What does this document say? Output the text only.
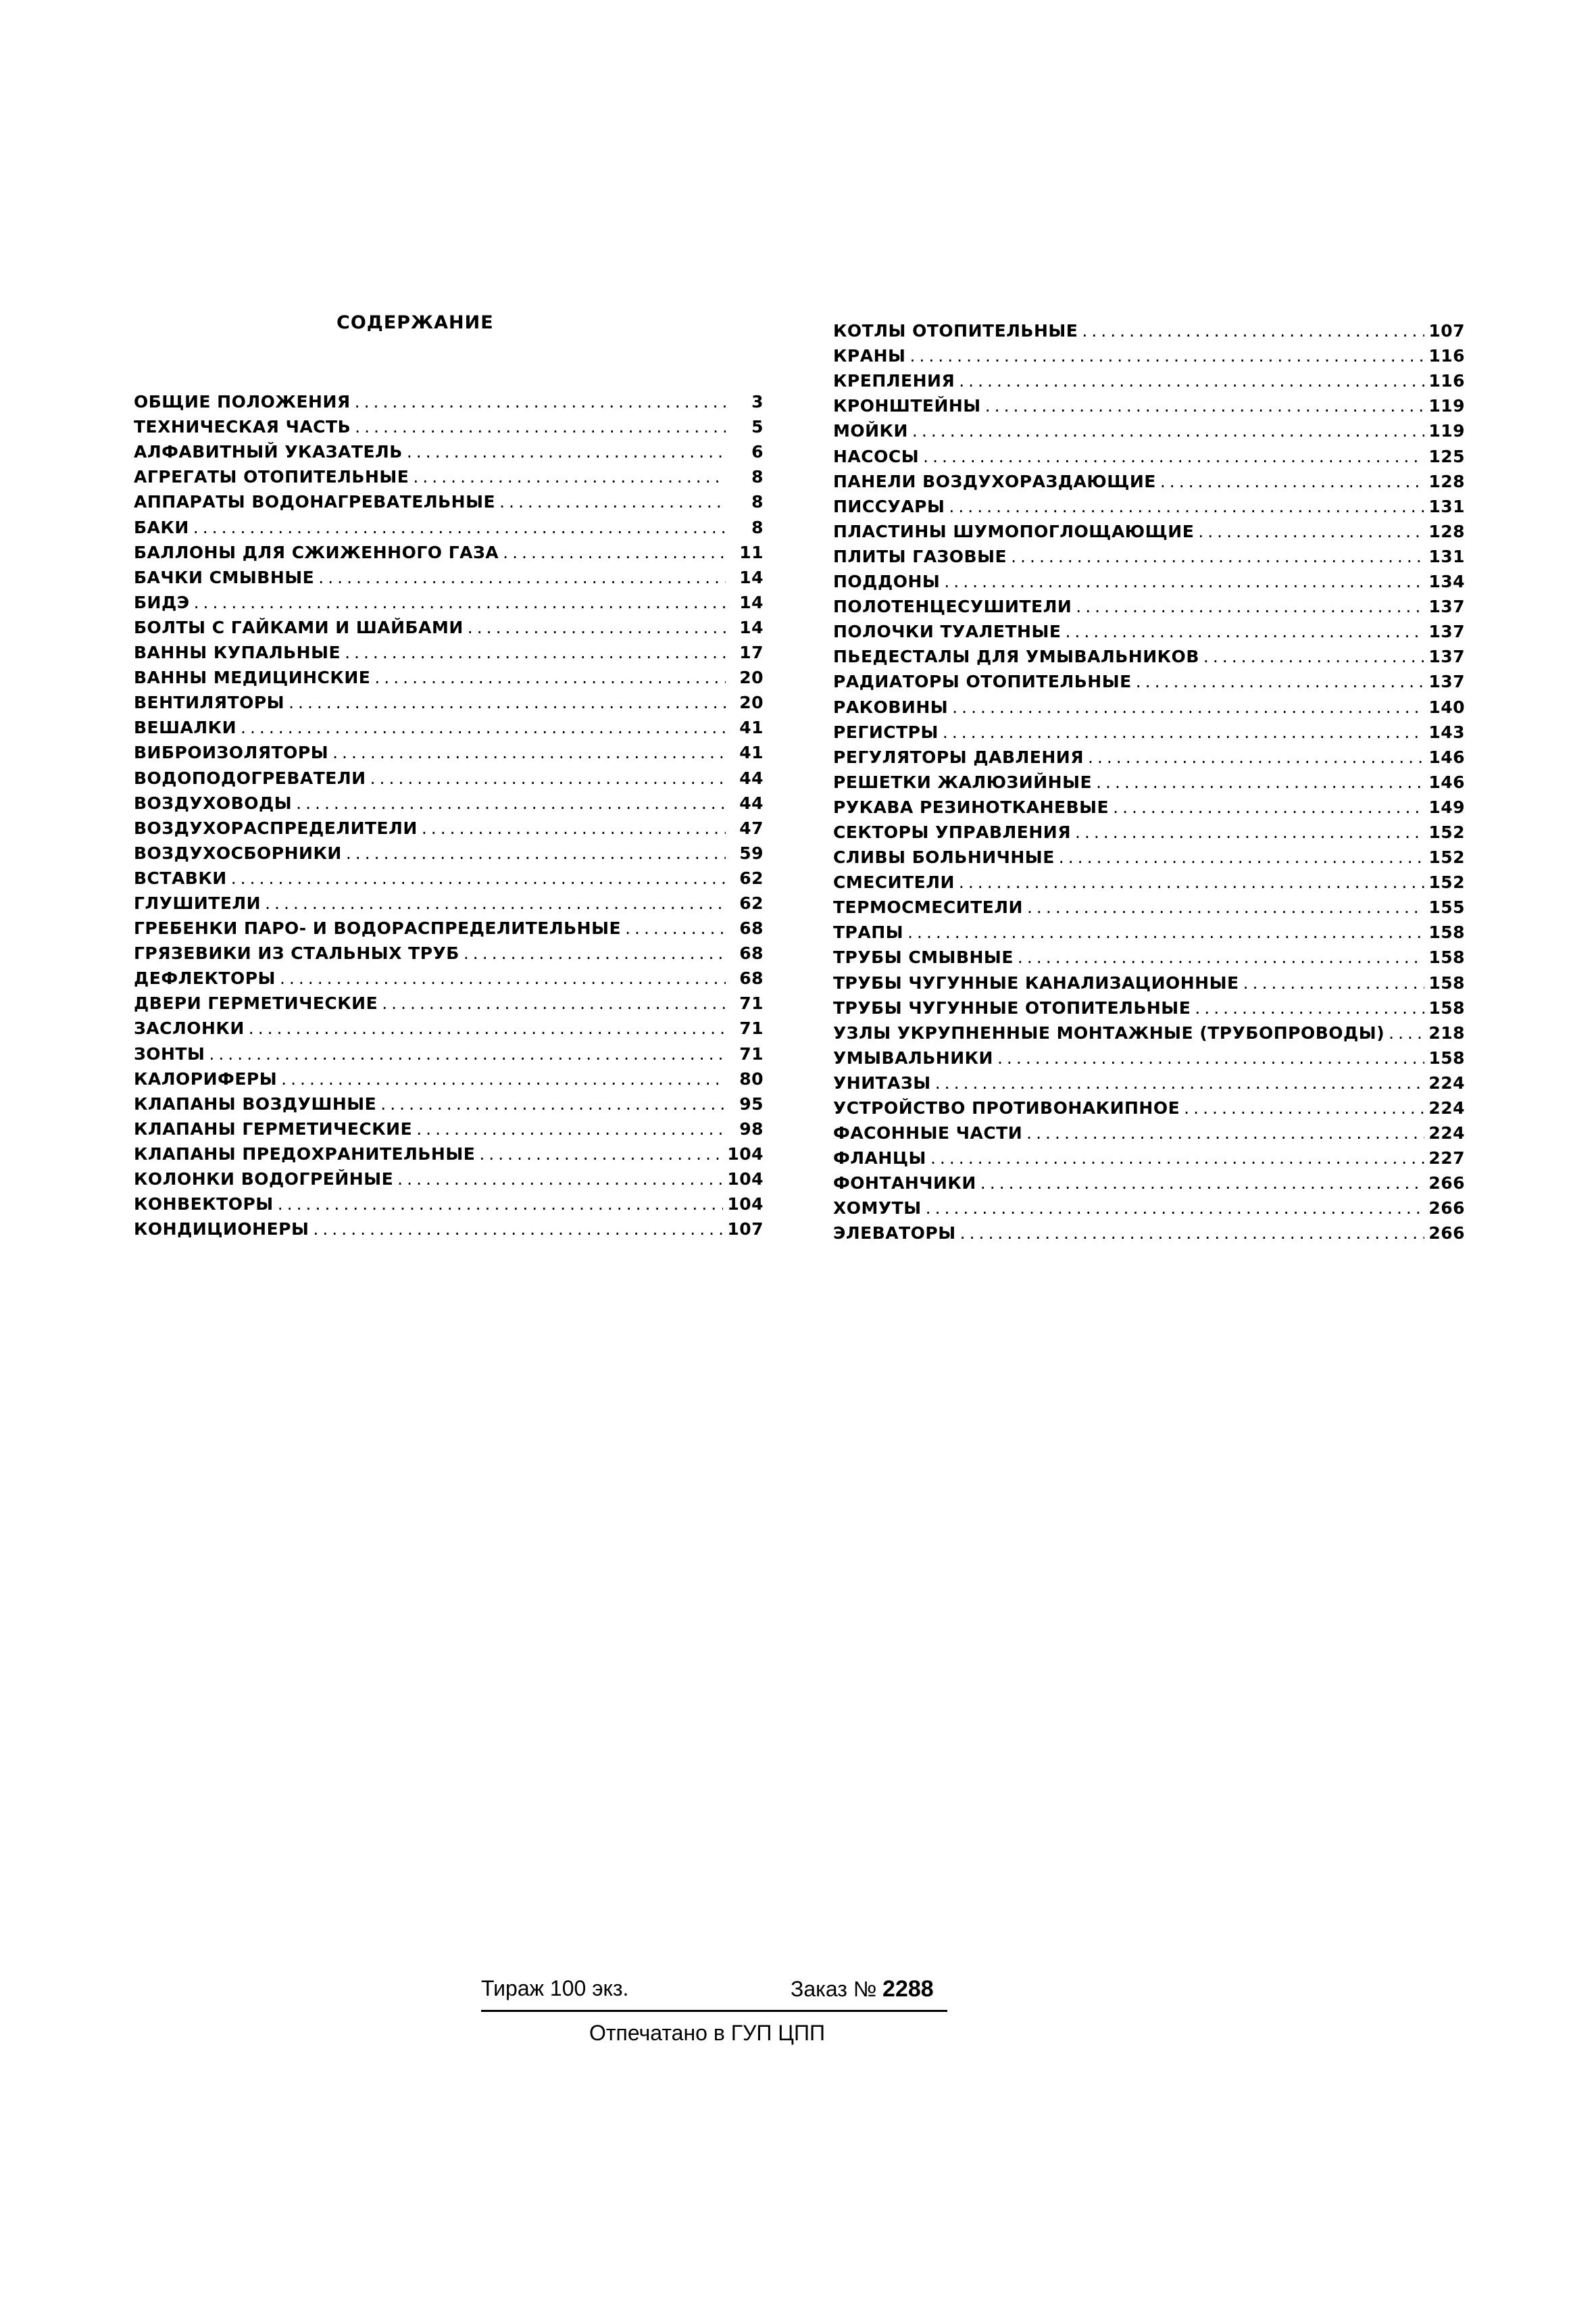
СОДЕРЖАНИЕ
ОБЩИЕ ПОЛОЖЕНИЯ .....	3
ТЕХНИЧЕСКАЯ ЧАСТЬ .....	5
АЛФАВИТНЫЙ УКАЗАТЕЛЬ .....	6
АГРЕГАТЫ ОТОПИТЕЛЬНЫЕ .....	8
АППАРАТЫ ВОДОНАГРЕВАТЕЛЬНЫЕ .....	8
БАКИ .....	8
БАЛЛОНЫ ДЛЯ СЖИЖЕННОГО ГАЗА .....	11
БАЧКИ СМЫВНЫЕ .....	14
БИДЭ .....	14
БОЛТЫ С ГАЙКАМИ И ШАЙБАМИ .....	14
ВАННЫ КУПАЛЬНЫЕ .....	17
ВАННЫ МЕДИЦИНСКИЕ .....	20
ВЕНТИЛЯТОРЫ .....	20
ВЕШАЛКИ .....	41
ВИБРОИЗОЛЯТОРЫ .....	41
ВОДОПОДОГРЕВАТЕЛИ .....	44
ВОЗДУХОВОДЫ .....	44
ВОЗДУХОРАСПРЕДЕЛИТЕЛИ .....	47
ВОЗДУХОСБОРНИКИ .....	59
ВСТАВКИ .....	62
ГЛУШИТЕЛИ .....	62
ГРЕБЕНКИ ПАРО- И ВОДОРАСПРЕДЕЛИТЕЛЬНЫЕ .....	68
ГРЯЗЕВИКИ ИЗ СТАЛЬНЫХ ТРУБ .....	68
ДЕФЛЕКТОРЫ .....	68
ДВЕРИ ГЕРМЕТИЧЕСКИЕ .....	71
ЗАСЛОНКИ .....	71
ЗОНТЫ .....	71
КАЛОРИФЕРЫ .....	80
КЛАПАНЫ ВОЗДУШНЫЕ .....	95
КЛАПАНЫ ГЕРМЕТИЧЕСКИЕ .....	98
КЛАПАНЫ ПРЕДОХРАНИТЕЛЬНЫЕ .....	104
КОЛОНКИ ВОДОГРЕЙНЫЕ .....	104
КОНВЕКТОРЫ .....	104
КОНДИЦИОНЕРЫ .....	107
КОТЛЫ ОТОПИТЕЛЬНЫЕ .....	107
КРАНЫ .....	116
КРЕПЛЕНИЯ .....	116
КРОНШТЕЙНЫ .....	119
МОЙКИ .....	119
НАСОСЫ .....	125
ПАНЕЛИ ВОЗДУХОРАЗДАЮЩИЕ .....	128
ПИССУАРЫ .....	131
ПЛАСТИНЫ ШУМОПОГЛОЩАЮЩИЕ .....	128
ПЛИТЫ ГАЗОВЫЕ .....	131
ПОДДОНЫ .....	134
ПОЛОТЕНЦЕСУШИТЕЛИ .....	137
ПОЛОЧКИ ТУАЛЕТНЫЕ .....	137
ПЬЕДЕСТАЛЫ ДЛЯ УМЫВАЛЬНИКОВ .....	137
РАДИАТОРЫ ОТОПИТЕЛЬНЫЕ .....	137
РАКОВИНЫ .....	140
РЕГИСТРЫ .....	143
РЕГУЛЯТОРЫ ДАВЛЕНИЯ .....	146
РЕШЕТКИ ЖАЛЮЗИЙНЫЕ .....	146
РУКАВА РЕЗИНОТКАНЕВЫЕ .....	149
СЕКТОРЫ УПРАВЛЕНИЯ .....	152
СЛИВЫ БОЛЬНИЧНЫЕ .....	152
СМЕСИТЕЛИ .....	152
ТЕРМОСМЕСИТЕЛИ .....	155
ТРАПЫ .....	158
ТРУБЫ СМЫВНЫЕ .....	158
ТРУБЫ ЧУГУННЫЕ КАНАЛИЗАЦИОННЫЕ .....	158
ТРУБЫ ЧУГУННЫЕ ОТОПИТЕЛЬНЫЕ .....	158
УЗЛЫ УКРУПНЕННЫЕ МОНТАЖНЫЕ (ТРУБОПРОВОДЫ) .....	218
УМЫВАЛЬНИКИ .....	158
УНИТАЗЫ .....	224
УСТРОЙСТВО ПРОТИВОНАКИПНОЕ .....	224
ФАСОННЫЕ ЧАСТИ .....	224
ФЛАНЦЫ .....	227
ФОНТАНЧИКИ .....	266
ХОМУТЫ .....	266
ЭЛЕВАТОРЫ .....	266
Тираж 100 экз.	Заказ № 2288
Отпечатано в ГУП ЦПП
